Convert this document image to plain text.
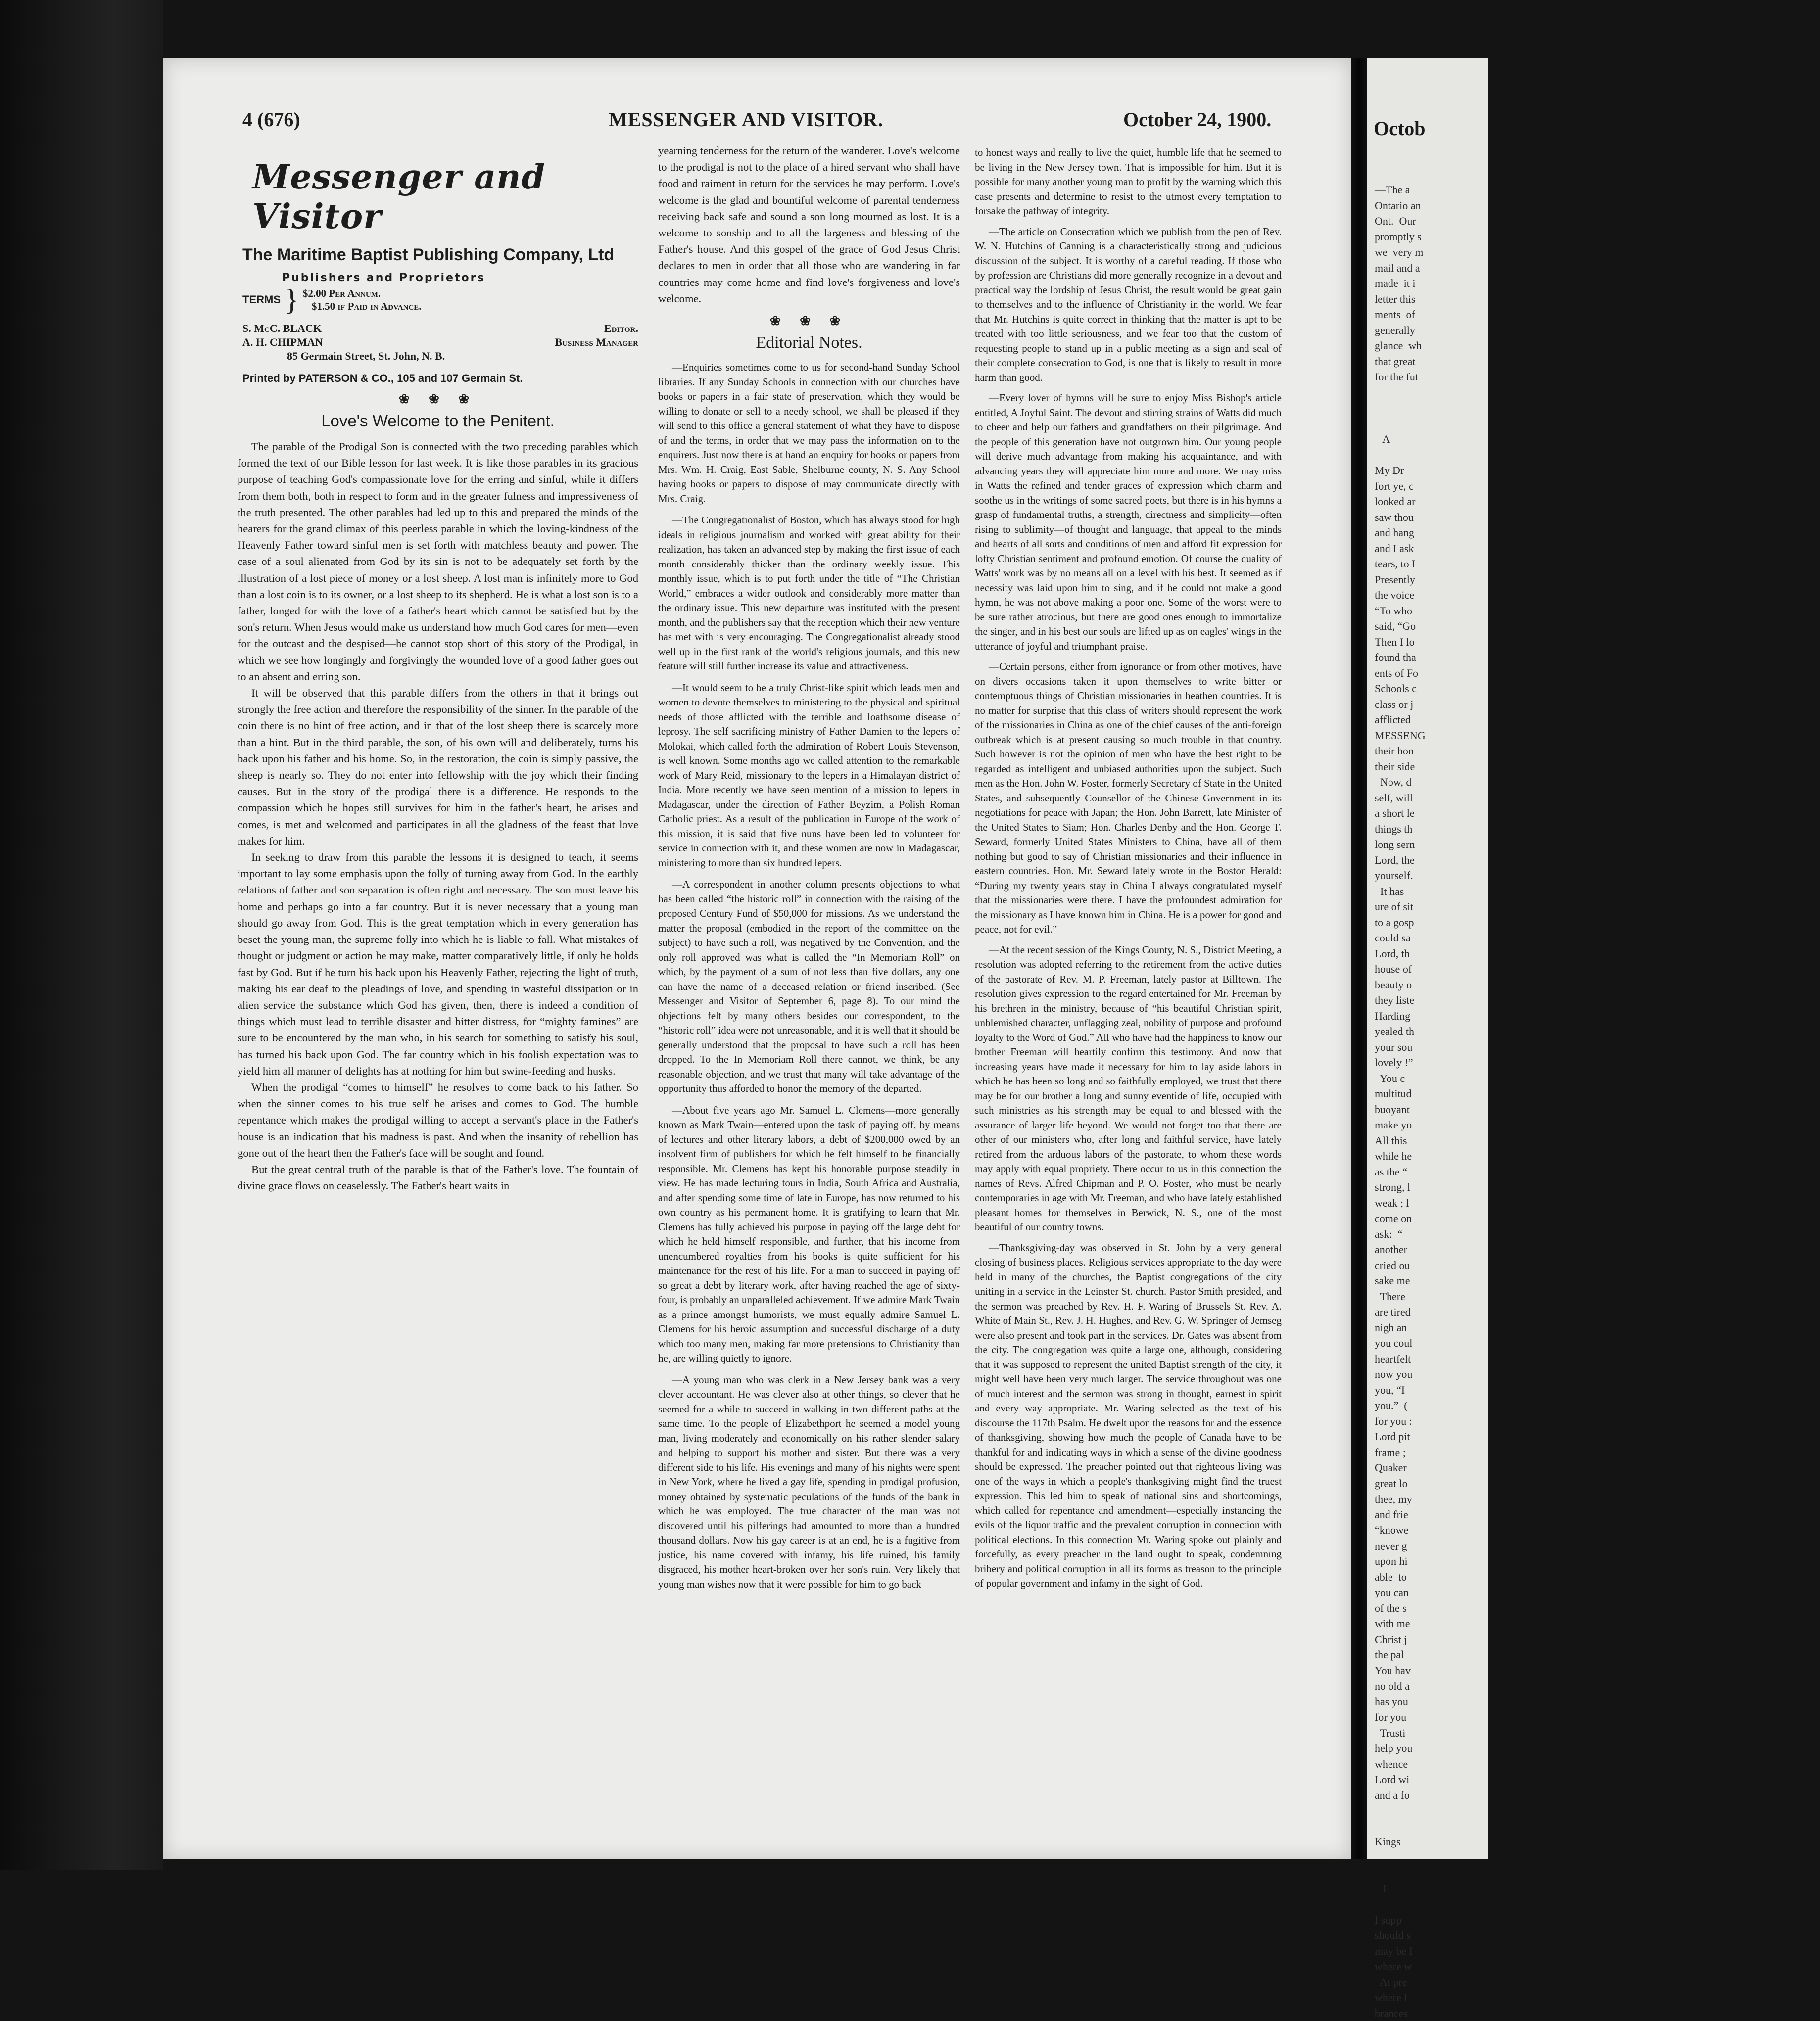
4 (676)	MESSENGER AND VISITOR.	October 24, 1900.
Messenger and Visitor
The Maritime Baptist Publishing Company, Ltd
Publishers and Proprietors
TERMS } $2.00 Per Annum.
$1.50 if Paid in Advance.
S. McC. BLACK	Editor.
A. H. CHIPMAN	Business Manager
85 Germain Street, St. John, N. B.
Printed by PATERSON & CO., 105 and 107 Germain St.
❀ ❀ ❀
Love's Welcome to the Penitent.

The parable of the Prodigal Son is connected with the two preceding parables which formed the text of our Bible lesson for last week. It is like those parables in its gracious purpose of teaching God's compassionate love for the erring and sinful, while it differs from them both, both in respect to form and in the greater fulness and impressiveness of the truth presented. The other parables had led up to this and prepared the minds of the hearers for the grand climax of this peerless parable in which the loving-kindness of the Heavenly Father toward sinful men is set forth with matchless beauty and power. The case of a soul alienated from God by its sin is not to be adequately set forth by the illustration of a lost piece of money or a lost sheep. A lost man is infinitely more to God than a lost coin is to its owner, or a lost sheep to its shepherd. He is what a lost son is to a father, longed for with the love of a father's heart which cannot be satisfied but by the son's return. When Jesus would make us understand how much God cares for men—even for the outcast and the despised—he cannot stop short of this story of the Prodigal, in which we see how longingly and forgivingly the wounded love of a good father goes out to an absent and erring son.

It will be observed that this parable differs from the others in that it brings out strongly the free action and therefore the responsibility of the sinner. In the parable of the coin there is no hint of free action, and in that of the lost sheep there is scarcely more than a hint. But in the third parable, the son, of his own will and deliberately, turns his back upon his father and his home. So, in the restoration, the coin is simply passive, the sheep is nearly so. They do not enter into fellowship with the joy which their finding causes. But in the story of the prodigal there is a difference. He responds to the compassion which he hopes still survives for him in the father's heart, he arises and comes, is met and welcomed and participates in all the gladness of the feast that love makes for him.

In seeking to draw from this parable the lessons it is designed to teach, it seems important to lay some emphasis upon the folly of turning away from God. In the earthly relations of father and son separation is often right and necessary. The son must leave his home and perhaps go into a far country. But it is never necessary that a young man should go away from God. This is the great temptation which in every generation has beset the young man, the supreme folly into which he is liable to fall. What mistakes of thought or judgment or action he may make, matter comparatively little, if only he holds fast by God. But if he turn his back upon his Heavenly Father, rejecting the light of truth, making his ear deaf to the pleadings of love, and spending in wasteful dissipation or in alien service the substance which God has given, then, there is indeed a condition of things which must lead to terrible disaster and bitter distress, for “mighty famines” are sure to be encountered by the man who, in his search for something to satisfy his soul, has turned his back upon God. The far country which in his foolish expectation was to yield him all manner of delights has at nothing for him but swine-feeding and husks.

When the prodigal “comes to himself” he resolves to come back to his father. So when the sinner comes to his true self he arises and comes to God. The humble repentance which makes the prodigal willing to accept a servant's place in the Father's house is an indication that his madness is past. And when the insanity of rebellion has gone out of the heart then the Father's face will be sought and found.

But the great central truth of the parable is that of the Father's love. The fountain of divine grace flows on ceaselessly. The Father's heart waits in

yearning tenderness for the return of the wanderer. Love's welcome to the prodigal is not to the place of a hired servant who shall have food and raiment in return for the services he may perform. Love's welcome is the glad and bountiful welcome of parental tenderness receiving back safe and sound a son long mourned as lost. It is a welcome to sonship and to all the largeness and blessing of the Father's house. And this gospel of the grace of God Jesus Christ declares to men in order that all those who are wandering in far countries may come home and find love's forgiveness and love's welcome.

❀ ❀ ❀
Editorial Notes.

—Enquiries sometimes come to us for second-hand Sunday School libraries. If any Sunday Schools in connection with our churches have books or papers in a fair state of preservation, which they would be willing to donate or sell to a needy school, we shall be pleased if they will send to this office a general statement of what they have to dispose of and the terms, in order that we may pass the information on to the enquirers. Just now there is at hand an enquiry for books or papers from Mrs. Wm. H. Craig, East Sable, Shelburne county, N. S. Any School having books or papers to dispose of may communicate directly with Mrs. Craig.

—The Congregationalist of Boston, which has always stood for high ideals in religious journalism and worked with great ability for their realization, has taken an advanced step by making the first issue of each month considerably thicker than the ordinary weekly issue. This monthly issue, which is to put forth under the title of “The Christian World,” embraces a wider outlook and considerably more matter than the ordinary issue. This new departure was instituted with the present month, and the publishers say that the reception which their new venture has met with is very encouraging. The Congregationalist already stood well up in the first rank of the world's religious journals, and this new feature will still further increase its value and attractiveness.

—It would seem to be a truly Christ-like spirit which leads men and women to devote themselves to ministering to the physical and spiritual needs of those afflicted with the terrible and loathsome disease of leprosy. The self sacrificing ministry of Father Damien to the lepers of Molokai, which called forth the admiration of Robert Louis Stevenson, is well known. Some months ago we called attention to the remarkable work of Mary Reid, missionary to the lepers in a Himalayan district of India. More recently we have seen mention of a mission to lepers in Madagascar, under the direction of Father Beyzim, a Polish Roman Catholic priest. As a result of the publication in Europe of the work of this mission, it is said that five nuns have been led to volunteer for service in connection with it, and these women are now in Madagascar, ministering to more than six hundred lepers.

—A correspondent in another column presents objections to what has been called “the historic roll” in connection with the raising of the proposed Century Fund of $50,000 for missions. As we understand the matter the proposal (embodied in the report of the committee on the subject) to have such a roll, was negatived by the Convention, and the only roll approved was what is called the “In Memoriam Roll” on which, by the payment of a sum of not less than five dollars, any one can have the name of a deceased relation or friend inscribed. (See Messenger and Visitor of September 6, page 8). To our mind the objections felt by many others besides our correspondent, to the “historic roll” idea were not unreasonable, and it is well that it should be generally understood that the proposal to have such a roll has been dropped. To the In Memoriam Roll there cannot, we think, be any reasonable objection, and we trust that many will take advantage of the opportunity thus afforded to honor the memory of the departed.

—About five years ago Mr. Samuel L. Clemens—more generally known as Mark Twain—entered upon the task of paying off, by means of lectures and other literary labors, a debt of $200,000 owed by an insolvent firm of publishers for which he felt himself to be financially responsible. Mr. Clemens has kept his honorable purpose steadily in view. He has made lecturing tours in India, South Africa and Australia, and after spending some time of late in Europe, has now returned to his own country as his permanent home. It is gratifying to learn that Mr. Clemens has fully achieved his purpose in paying off the large debt for which he held himself responsible, and further, that his income from unencumbered royalties from his books is quite sufficient for his maintenance for the rest of his life. For a man to succeed in paying off so great a debt by literary work, after having reached the age of sixty-four, is probably an unparalleled achievement. If we admire Mark Twain as a prince amongst humorists, we must equally admire Samuel L. Clemens for his heroic assumption and successful discharge of a duty which too many men, making far more pretensions to Christianity than he, are willing quietly to ignore.

—A young man who was clerk in a New Jersey bank was a very clever accountant. He was clever also at other things, so clever that he seemed for a while to succeed in walking in two different paths at the same time. To the people of Elizabethport he seemed a model young man, living moderately and economically on his rather slender salary and helping to support his mother and sister. But there was a very different side to his life. His evenings and many of his nights were spent in New York, where he lived a gay life, spending in prodigal profusion, money obtained by systematic peculations of the funds of the bank in which he was employed. The true character of the man was not discovered until his pilferings had amounted to more than a hundred thousand dollars. Now his gay career is at an end, he is a fugitive from justice, his name covered with infamy, his life ruined, his family disgraced, his mother heart-broken over her son's ruin. Very likely that young man wishes now that it were possible for him to go back

to honest ways and really to live the quiet, humble life that he seemed to be living in the New Jersey town. That is impossible for him. But it is possible for many another young man to profit by the warning which this case presents and determine to resist to the utmost every temptation to forsake the pathway of integrity.

—The article on Consecration which we publish from the pen of Rev. W. N. Hutchins of Canning is a characteristically strong and judicious discussion of the subject. It is worthy of a careful reading. If those who by profession are Christians did more generally recognize in a devout and practical way the lordship of Jesus Christ, the result would be great gain to themselves and to the influence of Christianity in the world. We fear that Mr. Hutchins is quite correct in thinking that the matter is apt to be treated with too little seriousness, and we fear too that the custom of requesting people to stand up in a public meeting as a sign and seal of their complete consecration to God, is one that is likely to result in more harm than good.

—Every lover of hymns will be sure to enjoy Miss Bishop's article entitled, A Joyful Saint. The devout and stirring strains of Watts did much to cheer and help our fathers and grandfathers on their pilgrimage. And the people of this generation have not outgrown him. Our young people will derive much advantage from making his acquaintance, and with advancing years they will appreciate him more and more. We may miss in Watts the refined and tender graces of expression which charm and soothe us in the writings of some sacred poets, but there is in his hymns a grasp of fundamental truths, a strength, directness and simplicity—often rising to sublimity—of thought and language, that appeal to the minds and hearts of all sorts and conditions of men and afford fit expression for lofty Christian sentiment and profound emotion. Of course the quality of Watts' work was by no means all on a level with his best. It seemed as if necessity was laid upon him to sing, and if he could not make a good hymn, he was not above making a poor one. Some of the worst were to be sure rather atrocious, but there are good ones enough to immortalize the singer, and in his best our souls are lifted up as on eagles' wings in the utterance of joyful and triumphant praise.

—Certain persons, either from ignorance or from other motives, have on divers occasions taken it upon themselves to write bitter or contemptuous things of Christian missionaries in heathen countries. It is no matter for surprise that this class of writers should represent the work of the missionaries in China as one of the chief causes of the anti-foreign outbreak which is at present causing so much trouble in that country. Such however is not the opinion of men who have the best right to be regarded as intelligent and unbiased authorities upon the subject. Such men as the Hon. John W. Foster, formerly Secretary of State in the United States, and subsequently Counsellor of the Chinese Government in its negotiations for peace with Japan; the Hon. John Barrett, late Minister of the United States to Siam; Hon. Charles Denby and the Hon. George T. Seward, formerly United States Ministers to China, have all of them nothing but good to say of Christian missionaries and their influence in eastern countries. Hon. Mr. Seward lately wrote in the Boston Herald: “During my twenty years stay in China I always congratulated myself that the missionaries were there. I have the profoundest admiration for the missionary as I have known him in China. He is a power for good and peace, not for evil.”

—At the recent session of the Kings County, N. S., District Meeting, a resolution was adopted referring to the retirement from the active duties of the pastorate of Rev. M. P. Freeman, lately pastor at Billtown. The resolution gives expression to the regard entertained for Mr. Freeman by his brethren in the ministry, because of “his beautiful Christian spirit, unblemished character, unflagging zeal, nobility of purpose and profound loyalty to the Word of God.” All who have had the happiness to know our brother Freeman will heartily confirm this testimony. And now that increasing years have made it necessary for him to lay aside labors in which he has been so long and so faithfully employed, we trust that there may be for our brother a long and sunny eventide of life, occupied with such ministries as his strength may be equal to and blessed with the assurance of larger life beyond. We would not forget too that there are other of our ministers who, after long and faithful service, have lately retired from the arduous labors of the pastorate, to whom these words may apply with equal propriety. There occur to us in this connection the names of Revs. Alfred Chipman and P. O. Foster, who must be nearly contemporaries in age with Mr. Freeman, and who have lately established pleasant homes for themselves in Berwick, N. S., one of the most beautiful of our country towns.

—Thanksgiving-day was observed in St. John by a very general closing of business places. Religious services appropriate to the day were held in many of the churches, the Baptist congregations of the city uniting in a service in the Leinster St. church. Pastor Smith presided, and the sermon was preached by Rev. H. F. Waring of Brussels St. Rev. A. White of Main St., Rev. J. H. Hughes, and Rev. G. W. Springer of Jemseg were also present and took part in the services. Dr. Gates was absent from the city. The congregation was quite a large one, although, considering that it was supposed to represent the united Baptist strength of the city, it might well have been very much larger. The service throughout was one of much interest and the sermon was strong in thought, earnest in spirit and every way appropriate. Mr. Waring selected as the text of his discourse the 117th Psalm. He dwelt upon the reasons for and the essence of thanksgiving, showing how much the people of Canada have to be thankful for and indicating ways in which a sense of the divine goodness should be expressed. The preacher pointed out that righteous living was one of the ways in which a people's thanksgiving might find the truest expression. This led him to speak of national sins and shortcomings, which called for repentance and amendment—especially instancing the evils of the liquor traffic and the prevalent corruption in connection with political elections. In this connection Mr. Waring spoke out plainly and forcefully, as every preacher in the land ought to speak, condemning bribery and political corruption in all its forms as treason to the principle of popular government and infamy in the sight of God.

Octob
—The a
Ontario an
Ont.  Our
promptly s
we  very m
mail and a
made  it i
letter this
ments  of
generally
glance  wh
that great
for the fut

A

My Dr
fort ye, c
looked ar
saw thou
and hang
and I ask
tears, to I
Presently
the voice
“To who
said, “Go
Then I lo
found tha
ents of Fo
Schools c
class or j
afflicted
MESSENG
their hon
their side
Now, d
self, will
a short le
things th
long sern
Lord, the
yourself.
It has
ure of sit
to a gosp
could sa
Lord, th
house of
beauty o
they liste
Harding
yealed th
your sou
lovely !”
You c
multitud
buoyant
make yo
All this
while he
as the “
strong, l
weak ; l
come on
ask:  “
another
cried ou
sake me
There
are tired
nigh an
you coul
heartfelt
now you
you, “I
you.”  (
for you :
Lord pit
frame ;
Quaker
great lo
thee, my
and frie
“knowe
never g
upon hi
able  to
you can
of the s
with me
Christ j
the pal
You hav
no old a
has you
for you
Trusti
help you
whence
Lord wi
and a fo

Kings

I

I supp
should s
may be I
where w
At pre
where I
brances
